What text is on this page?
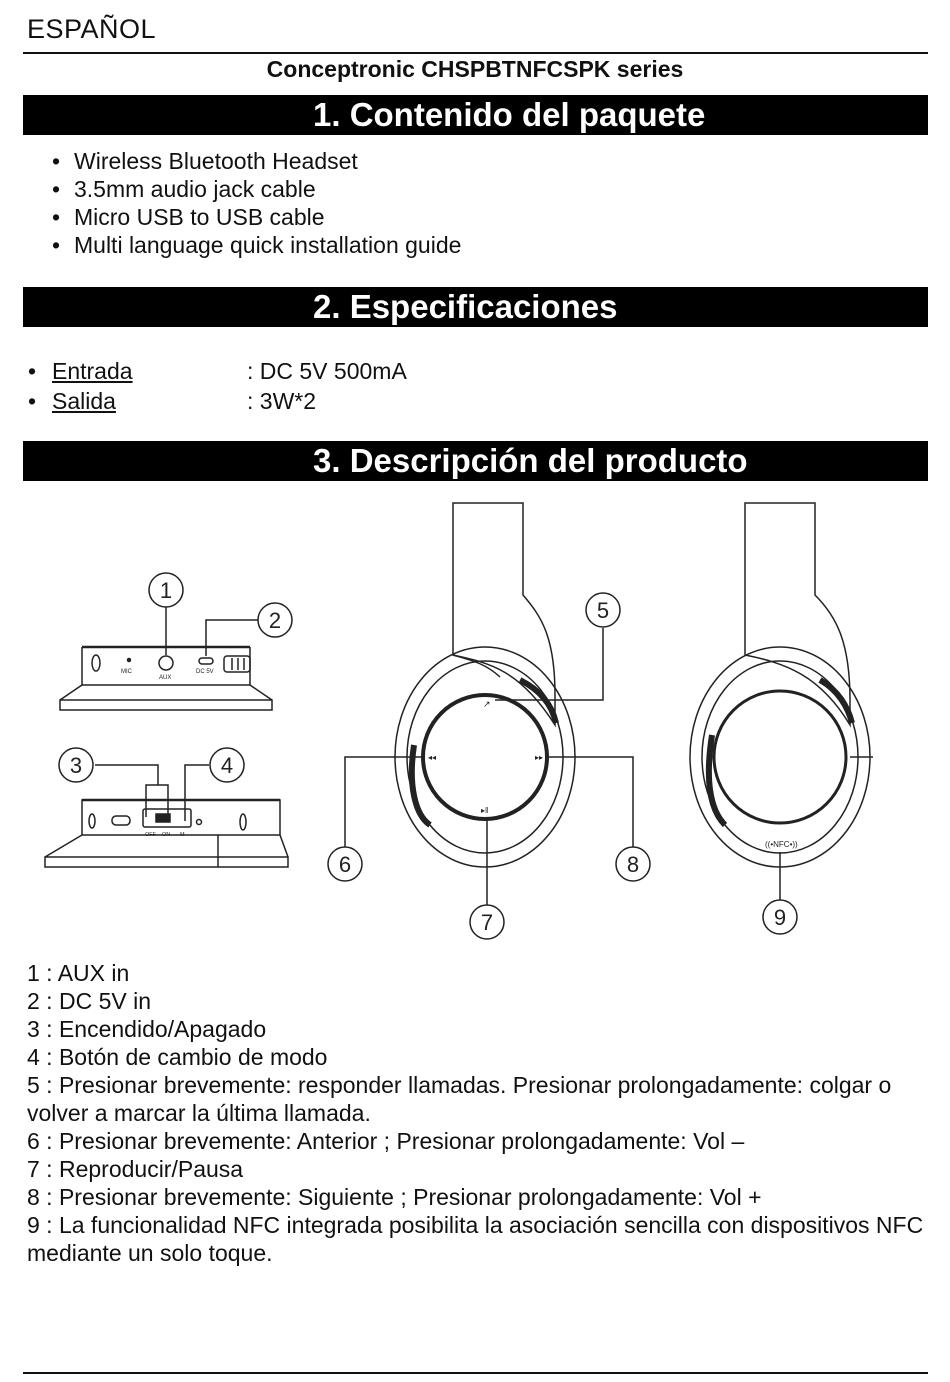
ESPAÑOL
Conceptronic CHSPBTNFCSPK series
1. Contenido del paquete
• Wireless Bluetooth Headset
• 3.5mm audio jack cable
• Micro USB to USB cable
• Multi language quick installation guide
2. Especificaciones
• Entrada	: DC 5V 500mA
• Salida	: 3W*2
3. Descripción del producto
MIC
AUX
DC 5V
OFF ON M
↗
◂◂	▸▸
▸‖
((•NFC•))
1
2
3	4
5
6
7
8
9

1 : AUX in

2 : DC 5V in

3 : Encendido/Apagado

4 : Botón de cambio de modo

5 : Presionar brevemente: responder llamadas. Presionar prolongadamente: colgar o volver a marcar la última llamada.

6 : Presionar brevemente: Anterior ; Presionar prolongadamente: Vol –

7 : Reproducir/Pausa

8 : Presionar brevemente: Siguiente ; Presionar prolongadamente: Vol +

9 : La funcionalidad NFC integrada posibilita la asociación sencilla con dispositivos NFC mediante un solo toque.
